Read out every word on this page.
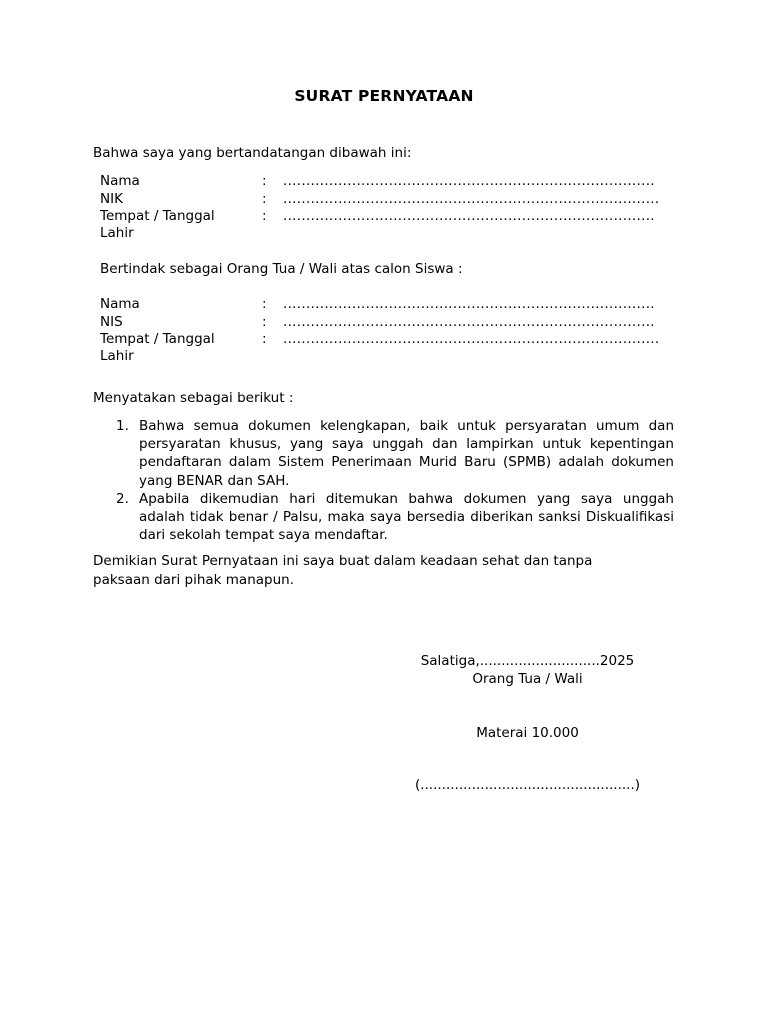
SURAT PERNYATAAN
Bahwa saya yang bertandatangan dibawah ini:
Nama	: .................................................................................
NIK	: ..................................................................................
Tempat / Tanggal Lahir
: .................................................................................
Bertindak sebagai Orang Tua / Wali atas calon Siswa :
Nama	: .................................................................................
NIS	: .................................................................................
Tempat / Tanggal Lahir
: ..................................................................................
Menyatakan sebagai berikut :
1. Bahwa semua dokumen kelengkapan, baik untuk persyaratan umum dan persyaratan khusus, yang saya unggah dan lampirkan untuk kepentingan pendaftaran dalam Sistem Penerimaan Murid Baru (SPMB) adalah dokumen yang BENAR dan SAH.
2. Apabila dikemudian hari ditemukan bahwa dokumen yang saya unggah adalah tidak benar / Palsu, maka saya bersedia diberikan sanksi Diskualifikasi dari sekolah tempat saya mendaftar.
Demikian Surat Pernyataan ini saya buat dalam keadaan sehat dan tanpa paksaan dari pihak manapun.
Salatiga,............................2025
Orang Tua / Wali
Materai 10.000
(..................................................)
